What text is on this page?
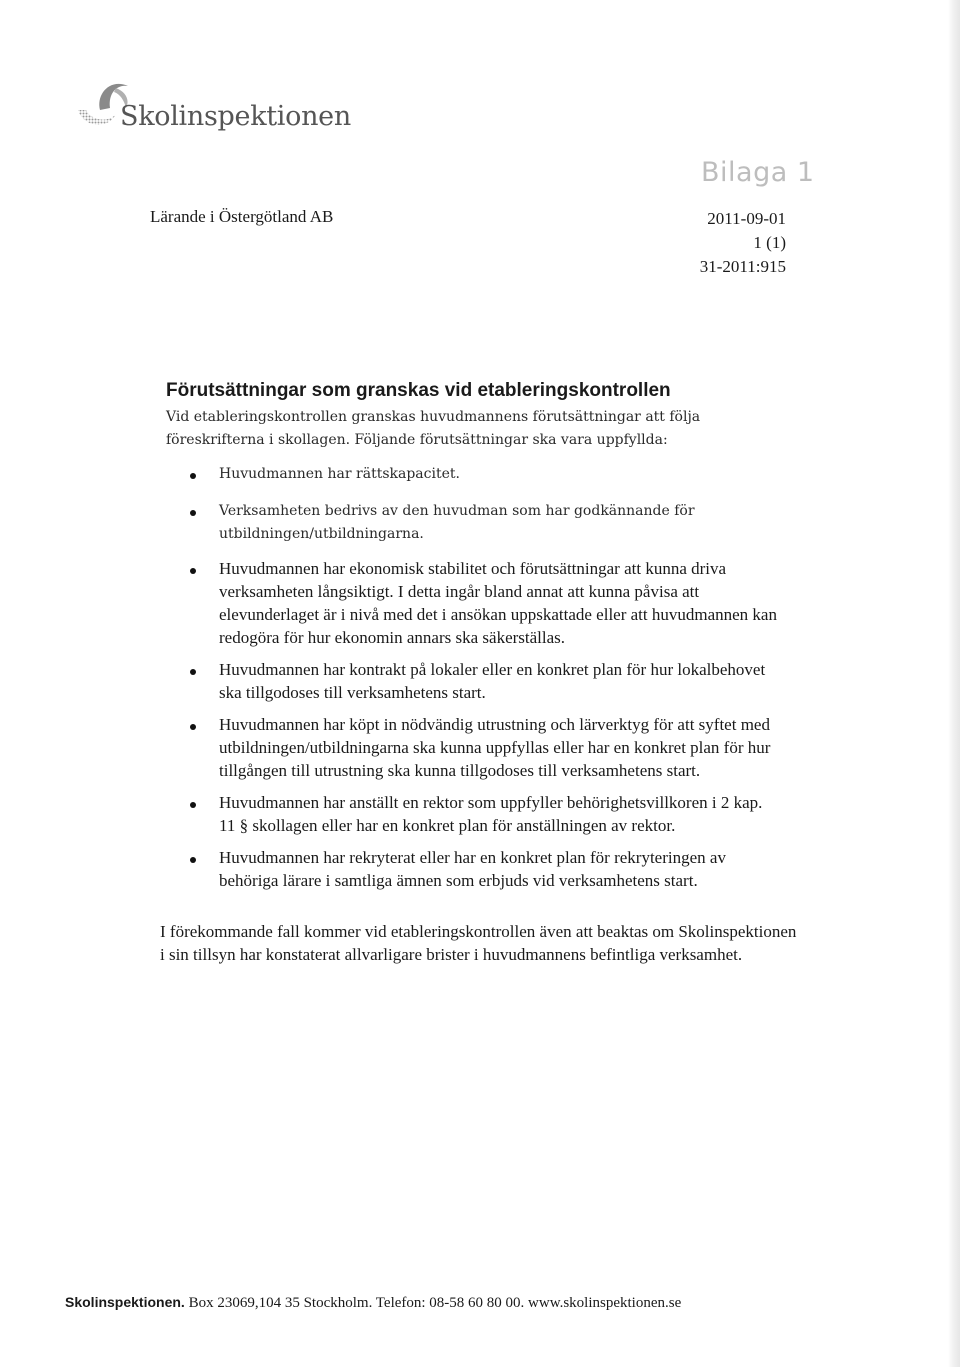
Skolinspektionen
Bilaga 1
Lärande i Östergötland AB	2011-09-01
1 (1)
31-2011:915
Förutsättningar som granskas vid etableringskontrollen

Vid etableringskontrollen granskas huvudmannens förutsättningar att följa föreskrifterna i skollagen. Följande förutsättningar ska vara uppfyllda:

Huvudmannen har rättskapacitet.
Verksamheten bedrivs av den huvudman som har godkännande för utbildningen/utbildningarna.
Huvudmannen har ekonomisk stabilitet och förutsättningar att kunna driva verksamheten långsiktigt. I detta ingår bland annat att kunna påvisa att elevunderlaget är i nivå med det i ansökan uppskattade eller att huvudmannen kan redogöra för hur ekonomin annars ska säkerställas.
Huvudmannen har kontrakt på lokaler eller en konkret plan för hur lokalbehovet ska tillgodoses till verksamhetens start.
Huvudmannen har köpt in nödvändig utrustning och lärverktyg för att syftet med utbildningen/utbildningarna ska kunna uppfyllas eller har en konkret plan för hur tillgången till utrustning ska kunna tillgodoses till verksamhetens start.
Huvudmannen har anställt en rektor som uppfyller behörighetsvillkoren i 2 kap. 11 § skollagen eller har en konkret plan för anställningen av rektor.
Huvudmannen har rekryterat eller har en konkret plan för rekryteringen av behöriga lärare i samtliga ämnen som erbjuds vid verksamhetens start.

I förekommande fall kommer vid etableringskontrollen även att beaktas om Skolinspektionen i sin tillsyn har konstaterat allvarligare brister i huvudmannens befintliga verksamhet.

Skolinspektionen. Box 23069,104 35 Stockholm. Telefon: 08-58 60 80 00. www.skolinspektionen.se
